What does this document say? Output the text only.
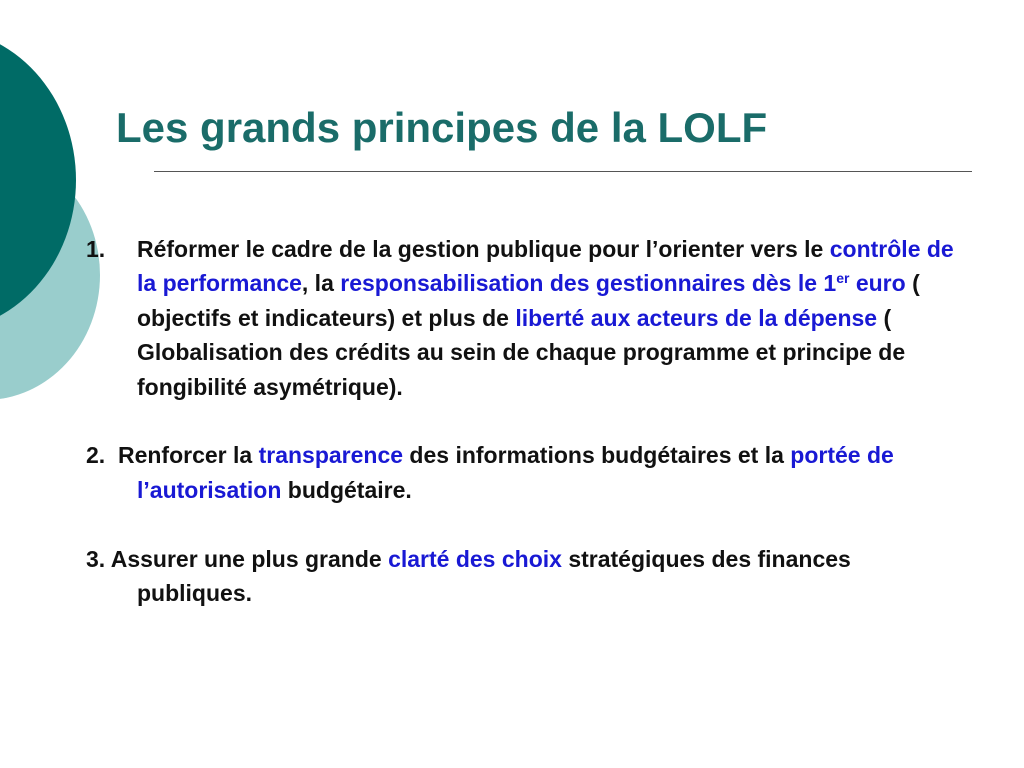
Les grands principes de la LOLF

1. Réformer le cadre de la gestion publique pour l’orienter vers le contrôle de la performance, la responsabilisation des gestionnaires dès le 1er euro ( objectifs et indicateurs) et plus de liberté aux acteurs de la dépense ( Globalisation des crédits au sein de chaque programme et principe de fongibilité asymétrique).

2.  Renforcer la transparence des informations budgétaires et la portée de l’autorisation budgétaire.

3. Assurer une plus grande clarté des choix stratégiques des finances publiques.
